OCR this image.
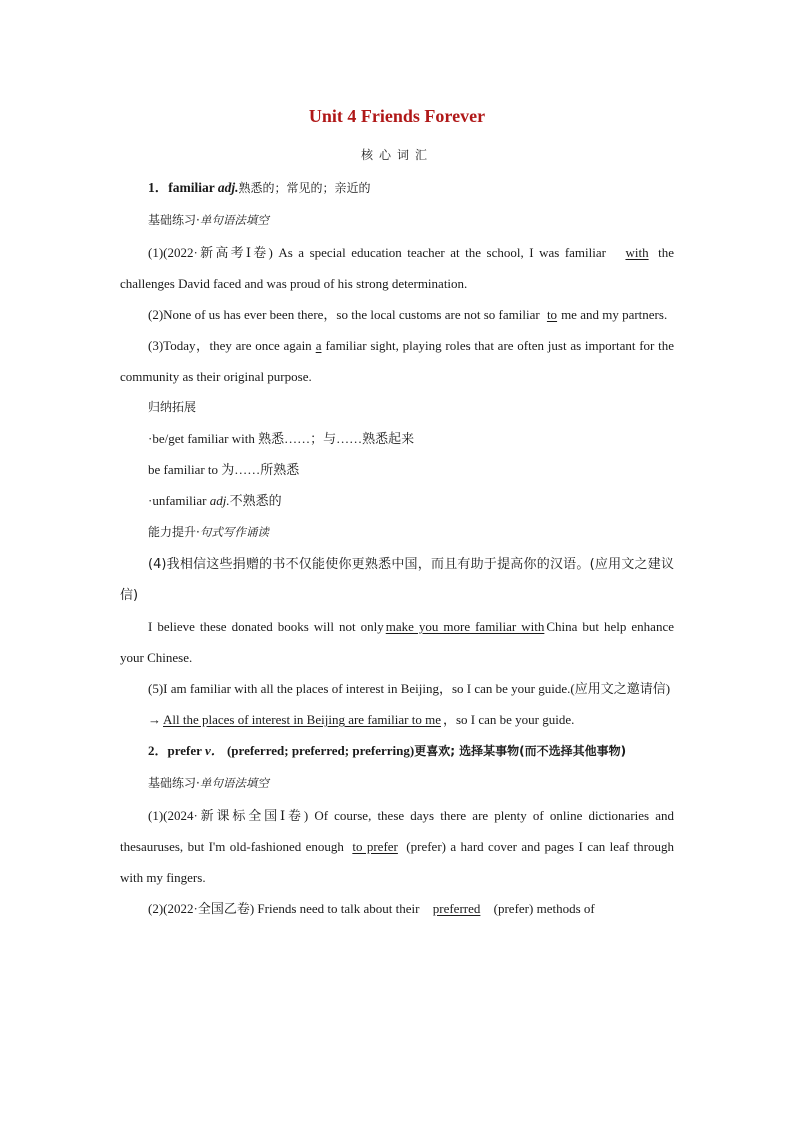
Unit 4 Friends Forever
核心词汇

1．familiar adj.熟悉的；常见的；亲近的

基础练习·单句语法填空

(1)(2022·新高考Ⅰ卷) As a special education teacher at the school, I was familiar with the challenges David faced and was proud of his strong determination.

(2)None of us has ever been there，so the local customs are not so familiar to me and my partners.

(3)Today，they are once again a familiar sight, playing roles that are often just as important for the community as their original purpose.

归纳拓展

·be/get familiar with 熟悉……；与……熟悉起来

be familiar to 为……所熟悉

·unfamiliar adj.不熟悉的

能力提升·句式写作诵读

(4)我相信这些捐赠的书不仅能使你更熟悉中国，而且有助于提高你的汉语。(应用文之建议信)

I believe these donated books will not only make you more familiar with China but help enhance your Chinese.

(5)I am familiar with all the places of interest in Beijing，so I can be your guide.(应用文之邀请信)

→ All the places of interest in Beijing are familiar to me ，so I can be your guide.

2．prefer v． (preferred; preferred; preferring)更喜欢; 选择某事物(而不选择其他事物)

基础练习·单句语法填空

(1)(2024·新课标全国Ⅰ卷) Of course, these days there are plenty of online dictionaries and thesauruses, but I'm old-fashioned enough to prefer (prefer) a hard cover and pages I can leaf through with my fingers.

(2)(2022·全国乙卷) Friends need to talk about their preferred (prefer) methods of
